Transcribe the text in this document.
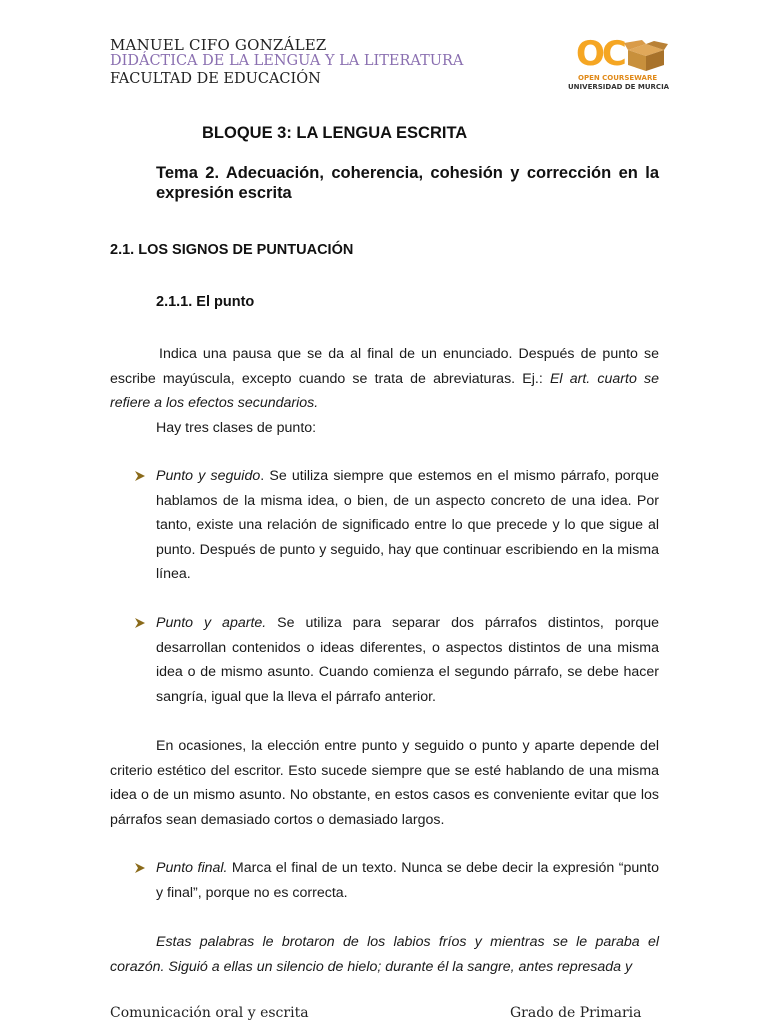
MANUEL CIFO GONZÁLEZ
DIDÁCTICA DE LA LENGUA Y LA LITERATURA
FACULTAD DE EDUCACIÓN
OC
OPEN COURSEWARE
UNIVERSIDAD DE MURCIA
BLOQUE 3: LA LENGUA ESCRITA
Tema 2. Adecuación, coherencia, cohesión y corrección en la expresión escrita
2.1. LOS SIGNOS DE PUNTUACIÓN
2.1.1. El punto
Indica una pausa que se da al final de un enunciado. Después de punto se escribe mayúscula, excepto cuando se trata de abreviaturas. Ej.: El art. cuarto se refiere a los efectos secundarios.
Hay tres clases de punto:
Punto y seguido. Se utiliza siempre que estemos en el mismo párrafo, porque hablamos de la misma idea, o bien, de un aspecto concreto de una idea. Por tanto, existe una relación de significado entre lo que precede y lo que sigue al punto. Después de punto y seguido, hay que continuar escribiendo en la misma línea.
Punto y aparte. Se utiliza para separar dos párrafos distintos, porque desarrollan contenidos o ideas diferentes, o aspectos distintos de una misma idea o de mismo asunto. Cuando comienza el segundo párrafo, se debe hacer sangría, igual que la lleva el párrafo anterior.
En ocasiones, la elección entre punto y seguido o punto y aparte depende del criterio estético del escritor. Esto sucede siempre que se esté hablando de una misma idea o de un mismo asunto. No obstante, en estos casos es conveniente evitar que los párrafos sean demasiado cortos o demasiado largos.
Punto final. Marca el final de un texto. Nunca se debe decir la expresión “punto y final”, porque no es correcta.
Estas palabras le brotaron de los labios fríos y mientras se le paraba el corazón. Siguió a ellas un silencio de hielo; durante él la sangre, antes represada y
Comunicación oral y escrita	Grado de Primaria
